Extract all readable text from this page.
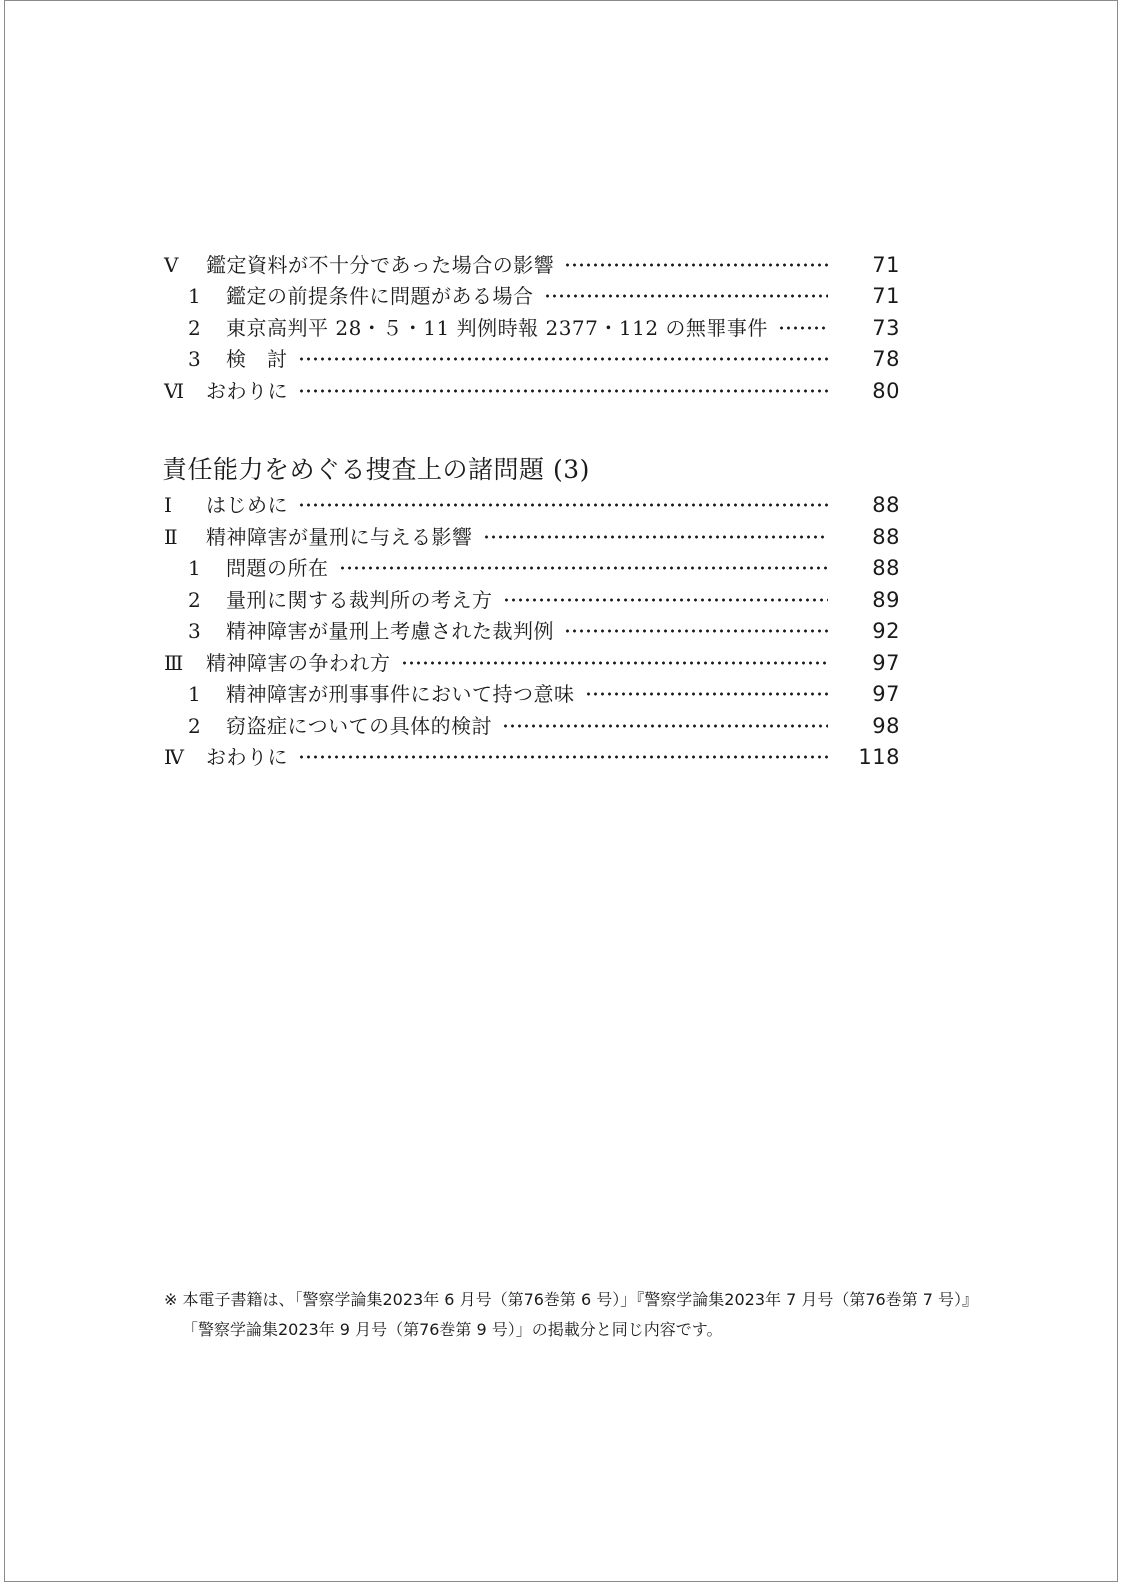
Ⅴ	鑑定資料が不十分であった場合の影響	71
1	鑑定の前提条件に問題がある場合	71
2	東京高判平 28・５・11 判例時報 2377・112 の無罪事件	73
3	検　討	78
Ⅵ	おわりに	80
責任能力をめぐる捜査上の諸問題 (3)
Ⅰ	はじめに	88
Ⅱ	精神障害が量刑に与える影響	88
1	問題の所在	88
2	量刑に関する裁判所の考え方	89
3	精神障害が量刑上考慮された裁判例	92
Ⅲ	精神障害の争われ方	97
1	精神障害が刑事事件において持つ意味	97
2	窃盗症についての具体的検討	98
Ⅳ	おわりに	118
※ 本電子書籍は、「警察学論集2023年 6 月号（第76巻第 6 号）」『警察学論集2023年 7 月号（第76巻第 7 号）』
「警察学論集2023年 9 月号（第76巻第 9 号）」の掲載分と同じ内容です。
